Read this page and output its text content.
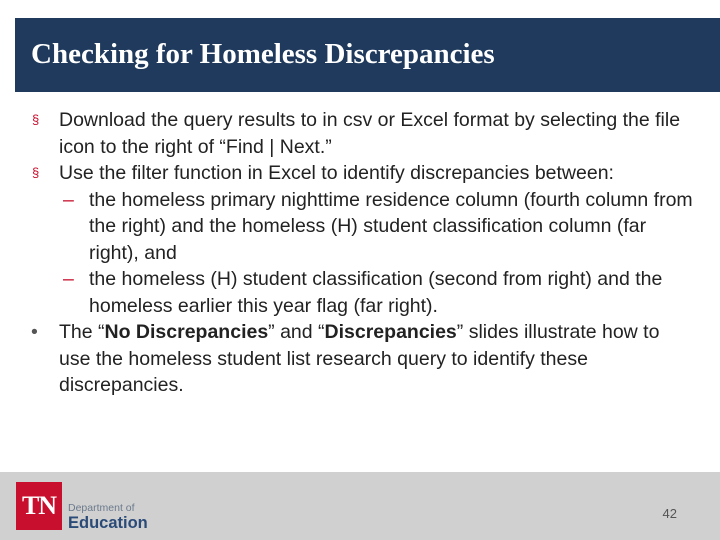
Checking for Homeless Discrepancies
§	Download the query results to in csv or Excel format by selecting the file icon to the right of “Find | Next.”
§	Use the filter function in Excel to identify discrepancies between:
– the homeless primary nighttime residence column (fourth column from the right) and the homeless (H) student classification column (far right), and
– the homeless (H) student classification (second from right) and the homeless earlier this year flag (far right).
•	The “No Discrepancies” and “Discrepancies” slides illustrate how to use the homeless student list research query to identify these discrepancies.
TN	Department of
Education
42
